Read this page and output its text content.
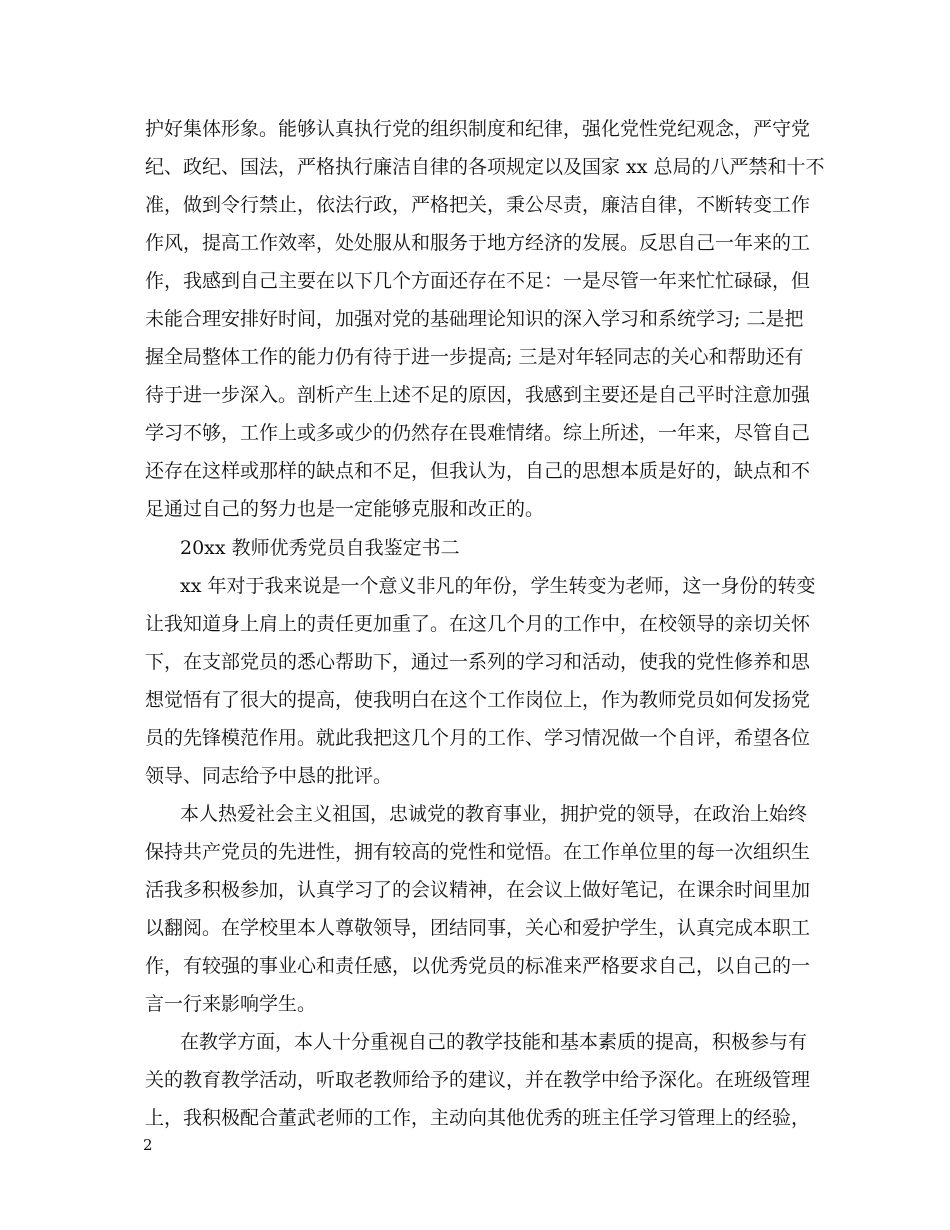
护好集体形象。能够认真执行党的组织制度和纪律，强化党性党纪观念，严守党
纪、政纪、国法，严格执行廉洁自律的各项规定以及国家 xx 总局的八严禁和十不
准，做到令行禁止，依法行政，严格把关，秉公尽责，廉洁自律，不断转变工作
作风，提高工作效率，处处服从和服务于地方经济的发展。反思自己一年来的工
作，我感到自己主要在以下几个方面还存在不足：一是尽管一年来忙忙碌碌，但
未能合理安排好时间，加强对党的基础理论知识的深入学习和系统学习; 二是把
握全局整体工作的能力仍有待于进一步提高; 三是对年轻同志的关心和帮助还有
待于进一步深入。剖析产生上述不足的原因，我感到主要还是自己平时注意加强
学习不够，工作上或多或少的仍然存在畏难情绪。综上所述，一年来，尽管自己
还存在这样或那样的缺点和不足，但我认为，自己的思想本质是好的，缺点和不
足通过自己的努力也是一定能够克服和改正的。
20xx 教师优秀党员自我鉴定书二
xx 年对于我来说是一个意义非凡的年份，学生转变为老师，这一身份的转变
让我知道身上肩上的责任更加重了。在这几个月的工作中，在校领导的亲切关怀
下，在支部党员的悉心帮助下，通过一系列的学习和活动，使我的党性修养和思
想觉悟有了很大的提高，使我明白在这个工作岗位上，作为教师党员如何发扬党
员的先锋模范作用。就此我把这几个月的工作、学习情况做一个自评，希望各位
领导、同志给予中恳的批评。
本人热爱社会主义祖国，忠诚党的教育事业，拥护党的领导，在政治上始终
保持共产党员的先进性，拥有较高的党性和觉悟。在工作单位里的每一次组织生
活我多积极参加，认真学习了的会议精神，在会议上做好笔记，在课余时间里加
以翻阅。在学校里本人尊敬领导，团结同事，关心和爱护学生，认真完成本职工
作，有较强的事业心和责任感，以优秀党员的标准来严格要求自己，以自己的一
言一行来影响学生。
在教学方面，本人十分重视自己的教学技能和基本素质的提高，积极参与有
关的教育教学活动，听取老教师给予的建议，并在教学中给予深化。在班级管理
上，我积极配合董武老师的工作，主动向其他优秀的班主任学习管理上的经验，
2
